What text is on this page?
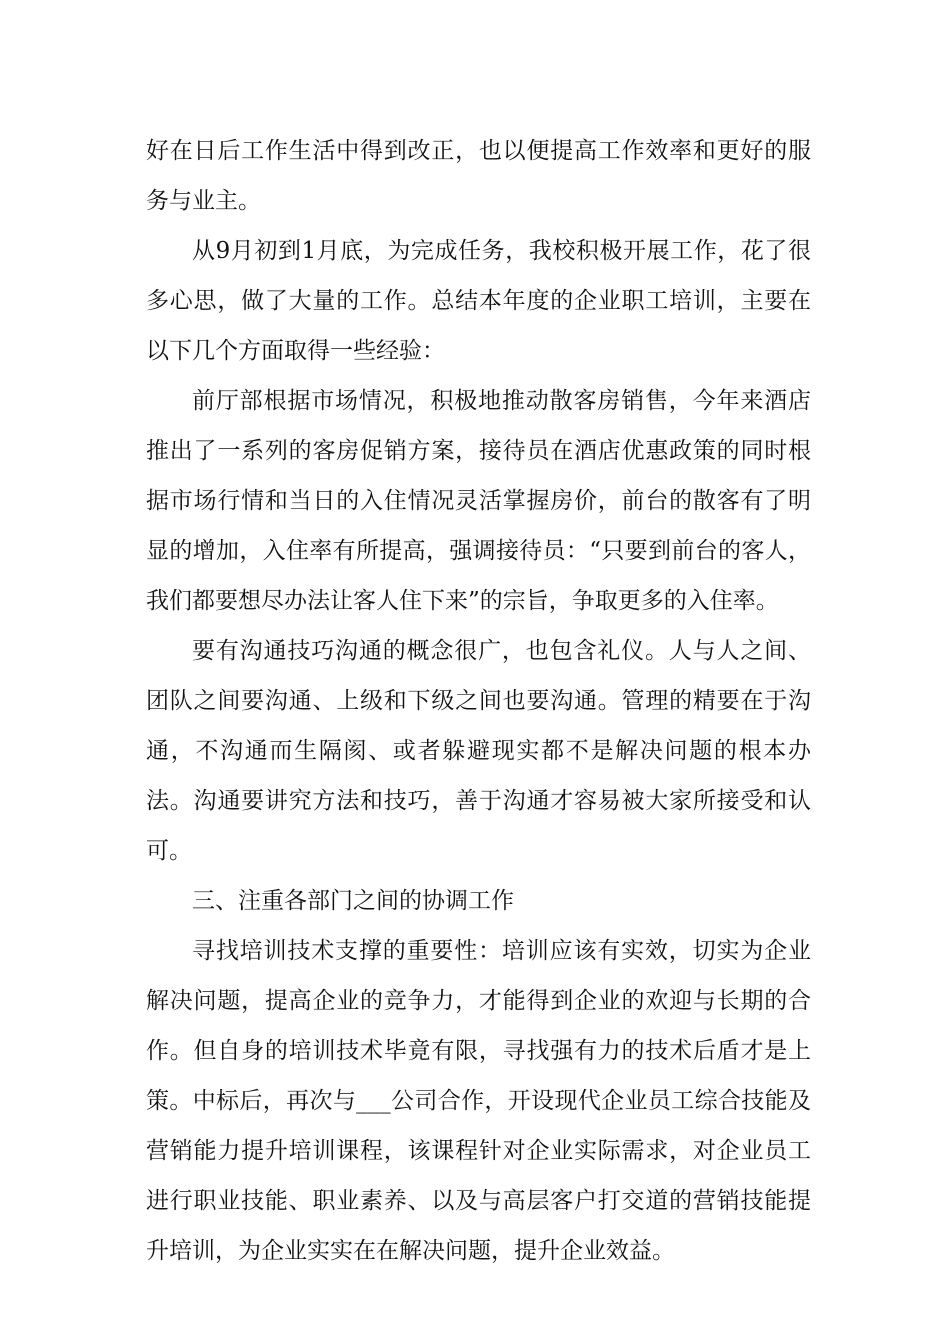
好在日后工作生活中得到改正，也以便提高工作效率和更好的服务与业主。

从9月初到1月底，为完成任务，我校积极开展工作，花了很多心思，做了大量的工作。总结本年度的企业职工培训，主要在以下几个方面取得一些经验：

前厅部根据市场情况，积极地推动散客房销售，今年来酒店推出了一系列的客房促销方案，接待员在酒店优惠政策的同时根据市场行情和当日的入住情况灵活掌握房价，前台的散客有了明显的增加，入住率有所提高，强调接待员：“只要到前台的客人，我们都要想尽办法让客人住下来”的宗旨，争取更多的入住率。

要有沟通技巧沟通的概念很广，也包含礼仪。人与人之间、团队之间要沟通、上级和下级之间也要沟通。管理的精要在于沟通，不沟通而生隔阂、或者躲避现实都不是解决问题的根本办法。沟通要讲究方法和技巧，善于沟通才容易被大家所接受和认可。

三、注重各部门之间的协调工作

寻找培训技术支撑的重要性：培训应该有实效，切实为企业解决问题，提高企业的竞争力，才能得到企业的欢迎与长期的合作。但自身的培训技术毕竟有限，寻找强有力的技术后盾才是上策。中标后，再次与___公司合作，开设现代企业员工综合技能及营销能力提升培训课程，该课程针对企业实际需求，对企业员工进行职业技能、职业素养、以及与高层客户打交道的营销技能提升培训，为企业实实在在解决问题，提升企业效益。
